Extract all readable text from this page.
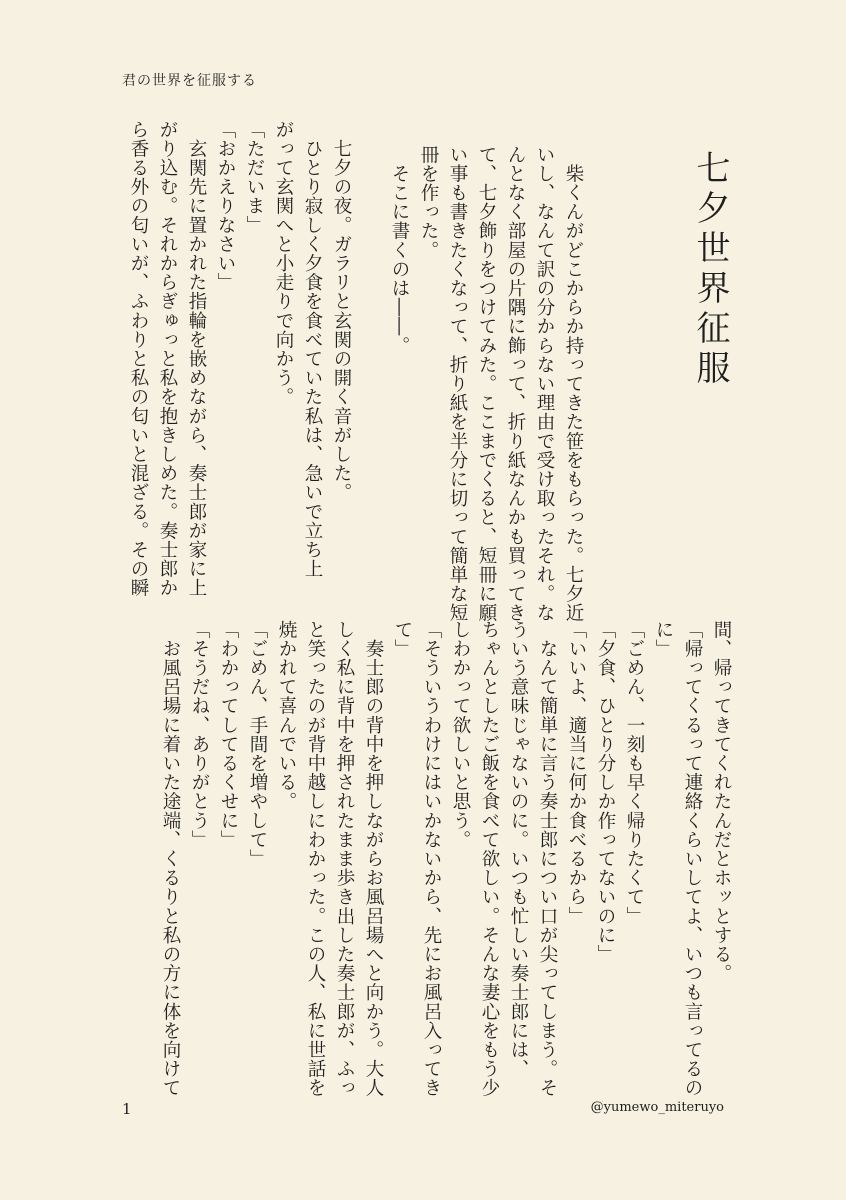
君の世界を征服する
七夕世界征服
　柴くんがどこからか持ってきた笹をもらった。七夕近
いし、なんて訳の分からない理由で受け取ったそれ。な
んとなく部屋の片隅に飾って、折り紙なんかも買ってき
て、七夕飾りをつけてみた。ここまでくると、短冊に願
い事も書きたくなって、折り紙を半分に切って簡単な短
冊を作った。
　そこに書くのは――。
　七夕の夜。ガラリと玄関の開く音がした。
　ひとり寂しく夕食を食べていた私は、急いで立ち上
がって玄関へと小走りで向かう。
「ただいま」
「おかえりなさい」
　玄関先に置かれた指輪を嵌めながら、奏士郎が家に上
がり込む。それからぎゅっと私を抱きしめた。奏士郎か
ら香る外の匂いが、ふわりと私の匂いと混ざる。その瞬
間、帰ってきてくれたんだとホッとする。
「帰ってくるって連絡くらいしてよ、いつも言ってるの
に」
「ごめん、一刻も早く帰りたくて」
「夕食、ひとり分しか作ってないのに」
「いいよ、適当に何か食べるから」
　なんて簡単に言う奏士郎につい口が尖ってしまう。そ
ういう意味じゃないのに。いつも忙しい奏士郎には、
ちゃんとしたご飯を食べて欲しい。そんな妻心をもう少
しわかって欲しいと思う。
「そういうわけにはいかないから、先にお風呂入ってき
て」
　奏士郎の背中を押しながらお風呂場へと向かう。大人
しく私に背中を押されたまま歩き出した奏士郎が、ふっ
と笑ったのが背中越しにわかった。この人、私に世話を
焼かれて喜んでいる。
「ごめん、手間を増やして」
「わかってしてるくせに」
「そうだね、ありがとう」
　お風呂場に着いた途端、くるりと私の方に体を向けて
1	@yumewo_miteruyo
